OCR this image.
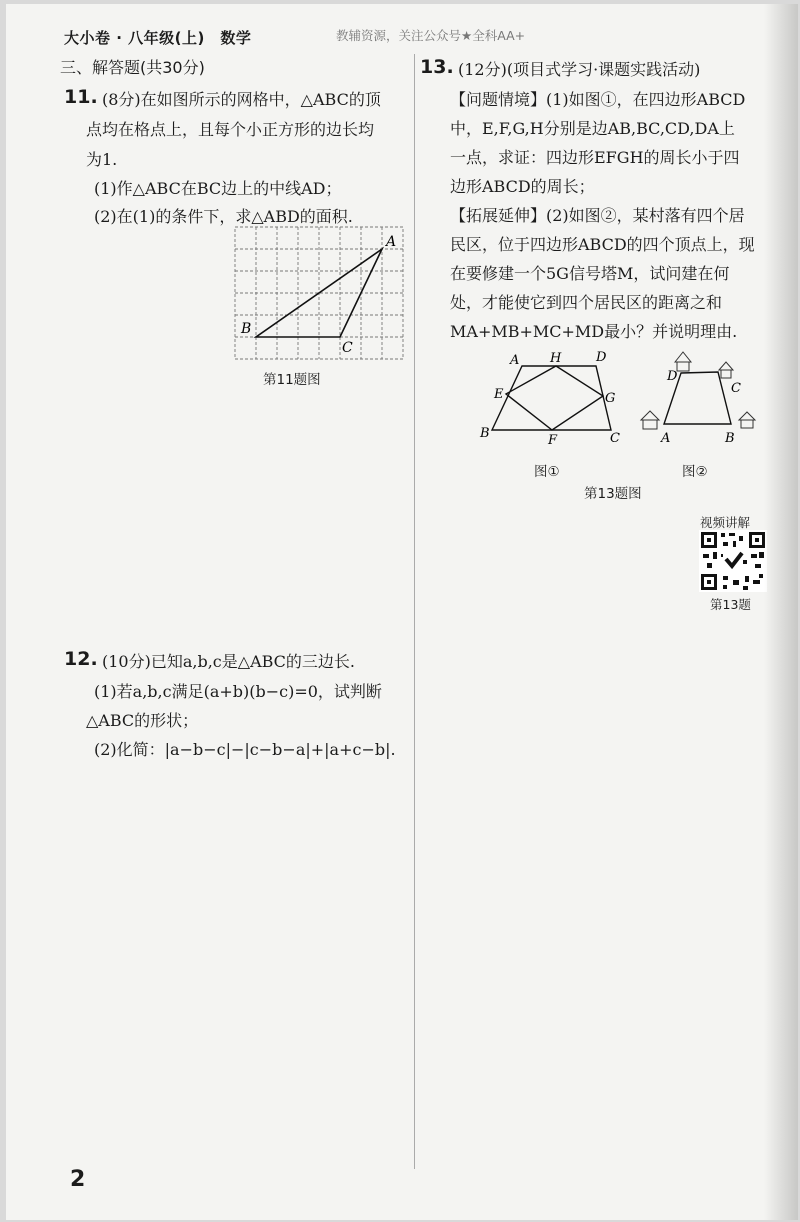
大小卷 · 八年级(上)　数学	教辅资源，关注公众号★全科AA+
三、解答题(共30分)
11. (8分)在如图所示的网格中，△ABC的顶
点均在格点上，且每个小正方形的边长均
为1.
(1)作△ABC在BC边上的中线AD；
(2)在(1)的条件下，求△ABD的面积.
A
B
C
第11题图
12. (10分)已知a,b,c是△ABC的三边长.
(1)若a,b,c满足(a+b)(b−c)=0，试判断
△ABC的形状；
(2)化简：|a−b−c|−|c−b−a|+|a+c−b|.
13. (12分)(项目式学习·课题实践活动)
【问题情境】(1)如图①，在四边形ABCD
中，E,F,G,H分别是边AB,BC,CD,DA上
一点，求证：四边形EFGH的周长小于四
边形ABCD的周长；
【拓展延伸】(2)如图②，某村落有四个居
民区，位于四边形ABCD的四个顶点上，现
在要修建一个5G信号塔M，试问建在何
处，才能使它到四个居民区的距离之和
MA+MB+MC+MD最小？并说明理由.
A H	D
E	G
B	F	C
D
C
A	B
图①	图②
第13题图
视频讲解
第13题
2
